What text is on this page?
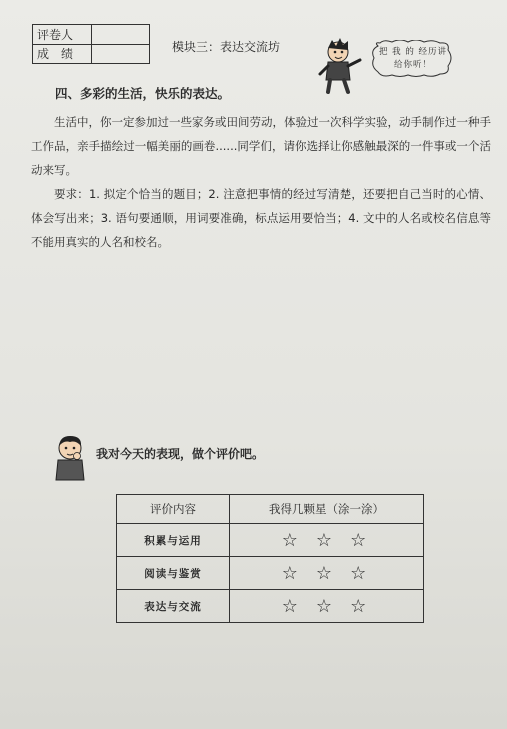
评卷人	
成　绩	
模块三：表达交流坊	把 我 的 经历讲给你听！
四、多彩的生活，快乐的表达。
生活中，你一定参加过一些家务或田间劳动，体验过一次科学实验，动手制作过一种手工作品，亲手描绘过一幅美丽的画卷......同学们，请你选择让你感触最深的一件事或一个活动来写。
要求：1. 拟定个恰当的题目；2. 注意把事情的经过写清楚，还要把自己当时的心情、体会写出来；3. 语句要通顺，用词要准确，标点运用要恰当；4. 文中的人名或校名信息等不能用真实的人名和校名。
我对今天的表现，做个评价吧。
评价内容	我得几颗星（涂一涂）
积累与运用	☆☆☆
阅读与鉴赏	☆☆☆
表达与交流	☆☆☆
